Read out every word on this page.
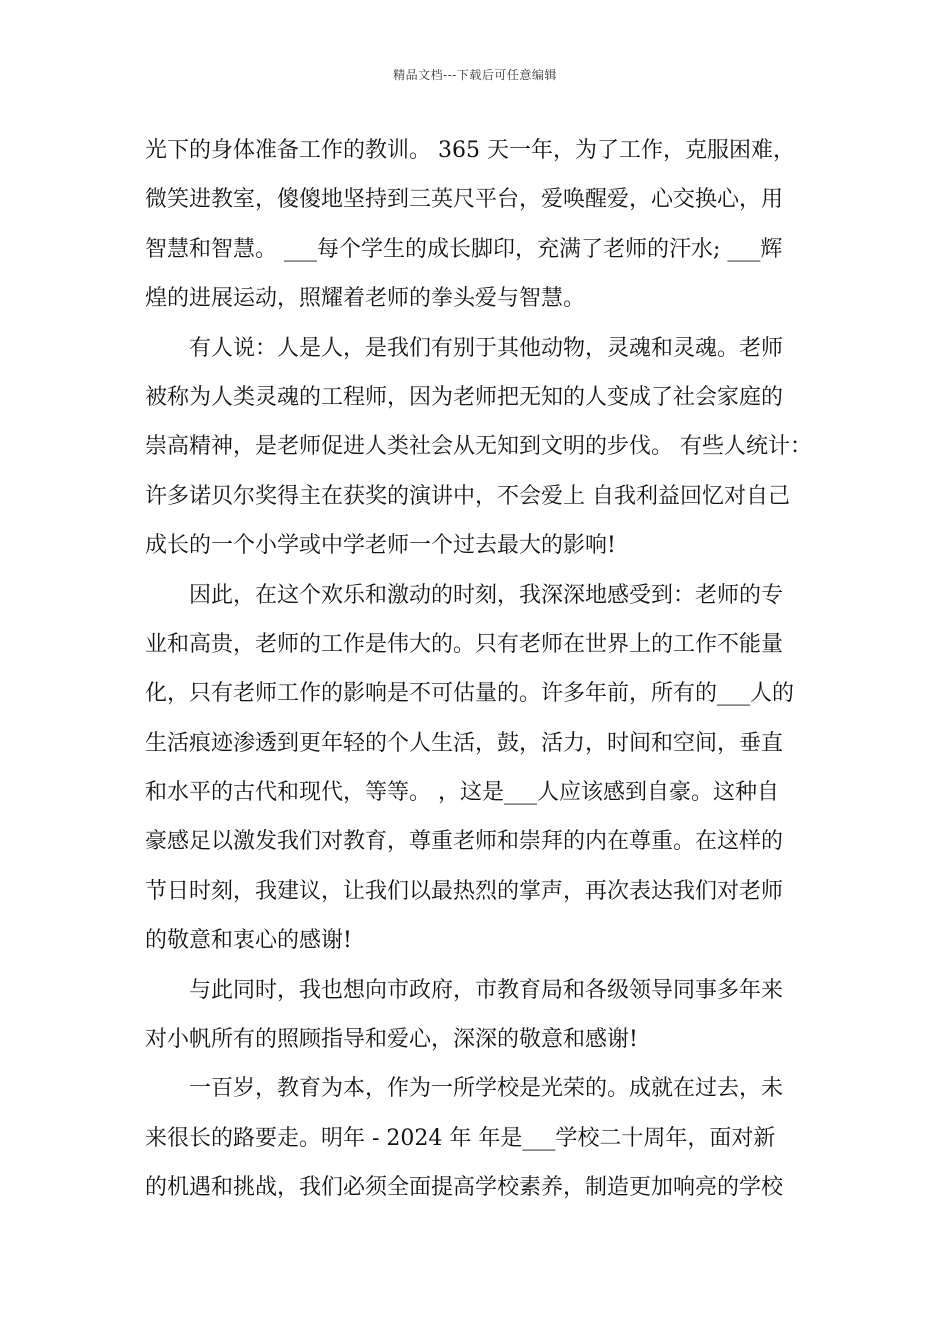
精品文档---下载后可任意编辑
光下的身体准备工作的教训。 365 天一年，为了工作，克服困难，
微笑进教室，傻傻地坚持到三英尺平台，爱唤醒爱，心交换心，用
智慧和智慧。 ___每个学生的成长脚印，充满了老师的汗水; ___辉
煌的进展运动，照耀着老师的拳头爱与智慧。
有人说：人是人，是我们有别于其他动物，灵魂和灵魂。老师
被称为人类灵魂的工程师，因为老师把无知的人变成了社会家庭的
崇高精神，是老师促进人类社会从无知到文明的步伐。 有些人统计：
许多诺贝尔奖得主在获奖的演讲中，不会爱上 自我利益回忆对自己
成长的一个小学或中学老师一个过去最大的影响!
因此，在这个欢乐和激动的时刻，我深深地感受到：老师的专
业和高贵，老师的工作是伟大的。只有老师在世界上的工作不能量
化，只有老师工作的影响是不可估量的。许多年前，所有的___人的
生活痕迹渗透到更年轻的个人生活，鼓，活力，时间和空间，垂直
和水平的古代和现代，等等。 ，这是___人应该感到自豪。这种自
豪感足以激发我们对教育，尊重老师和崇拜的内在尊重。在这样的
节日时刻，我建议，让我们以最热烈的掌声，再次表达我们对老师
的敬意和衷心的感谢!
与此同时，我也想向市政府，市教育局和各级领导同事多年来
对小帆所有的照顾指导和爱心，深深的敬意和感谢!
一百岁，教育为本，作为一所学校是光荣的。成就在过去，未
来很长的路要走。明年 - 2024 年 年是___学校二十周年，面对新
的机遇和挑战，我们必须全面提高学校素养，制造更加响亮的学校
